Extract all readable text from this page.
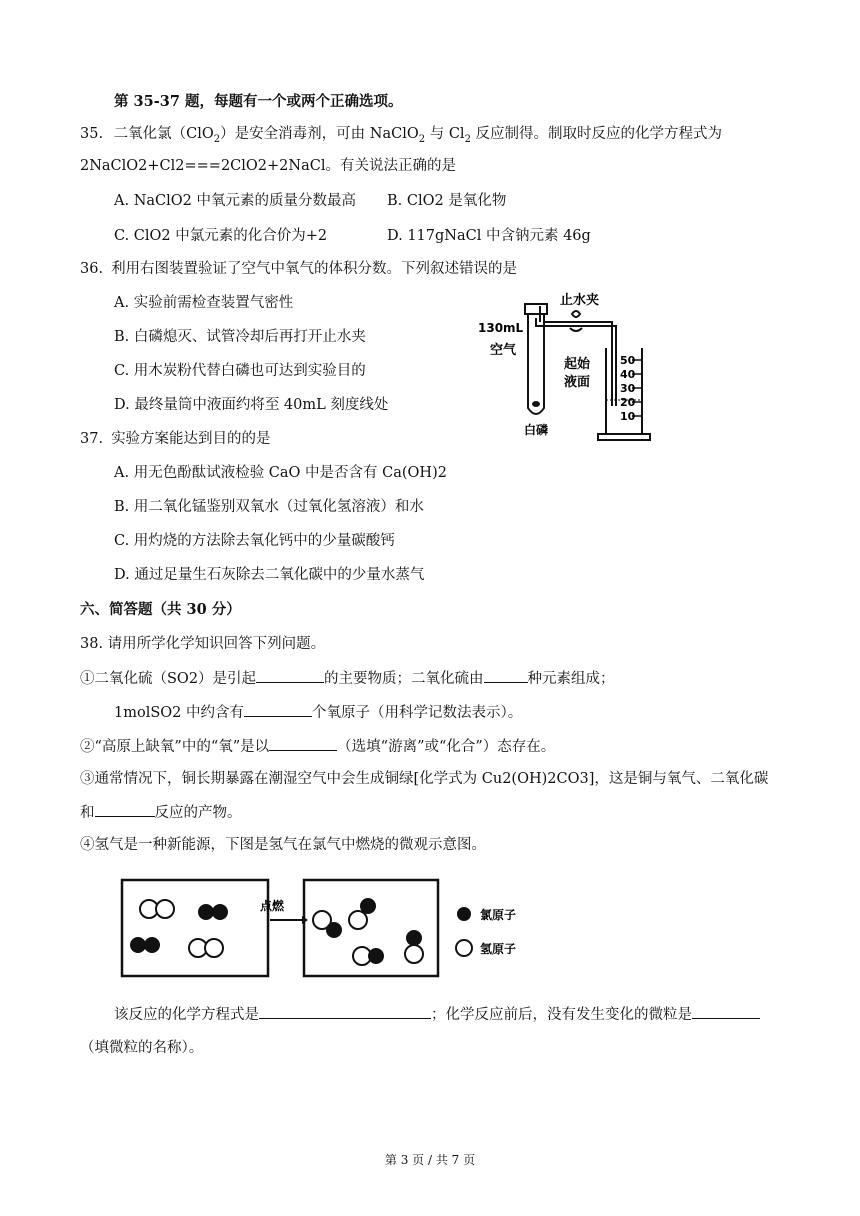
第 35-37 题，每题有一个或两个正确选项。
35. 二氧化氯（ClO$_2$）是安全消毒剂，可由 NaClO$_2$ 与 $Cl_2$ 反应制得。制取时反应的化学方程式为
2NaClO2+Cl2===2ClO2+2NaCl。有关说法正确的是
A. NaClO2 中氧元素的质量分数最高 B. ClO2 是氧化物
C. ClO2 中氯元素的化合价为+2	D. 117gNaCl 中含钠元素 46g
36. 利用右图装置验证了空气中氧气的体积分数。下列叙述错误的是
A. 实验前需检查装置气密性
B. 白磷熄灭、试管冷却后再打开止水夹
C. 用木炭粉代替白磷也可达到实验目的
D. 最终量筒中液面约将至 40mL 刻度线处
50
40
30
20
10
止水夹
130mL
空气
起始
液面
白磷
37. 实验方案能达到目的的是
A. 用无色酚酞试液检验 CaO 中是否含有 Ca(OH)2
B. 用二氧化锰鉴别双氧水（过氧化氢溶液）和水
C. 用灼烧的方法除去氧化钙中的少量碳酸钙
D. 通过足量生石灰除去二氧化碳中的少量水蒸气
六、简答题（共 30 分）
38. 请用所学化学知识回答下列问题。
①二氧化硫（SO2）是引起	的主要物质；二氧化硫由	种元素组成；
1molSO2 中约含有	个氧原子（用科学记数法表示）。
②“高原上缺氧”中的“氧”是以	（选填“游离”或“化合”）态存在。
③通常情况下，铜长期暴露在潮湿空气中会生成铜绿[化学式为 Cu2(OH)2CO3]，这是铜与氧气、二氧化碳
和	反应的产物。
④氢气是一种新能源，下图是氢气在氯气中燃烧的微观示意图。
点燃
氯原子
氢原子
该反应的化学方程式是	；化学反应前后，没有发生变化的微粒是
（填微粒的名称）。
第 3 页 / 共 7 页
